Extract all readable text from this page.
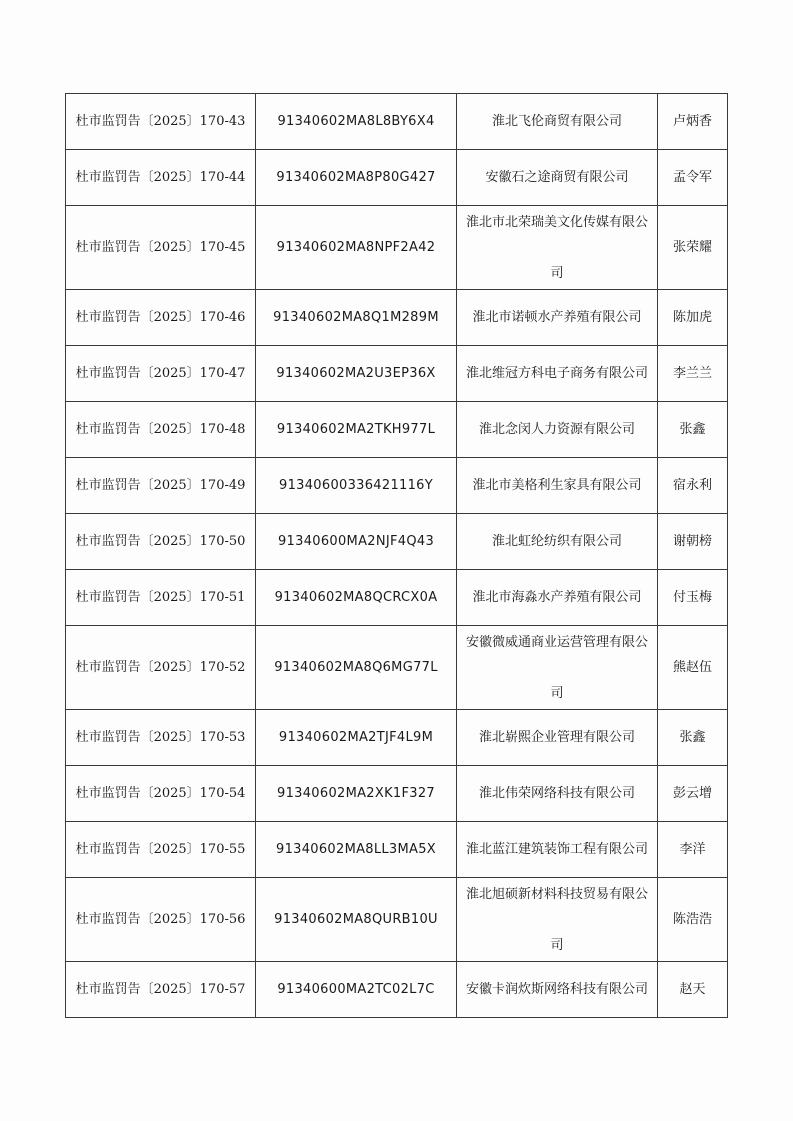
杜市监罚告〔2025〕170-43	91340602MA8L8BY6X4	淮北飞伦商贸有限公司	卢炳香
杜市监罚告〔2025〕170-44	91340602MA8P80G427	安徽石之途商贸有限公司	孟令军
杜市监罚告〔2025〕170-45	91340602MA8NPF2A42	淮北市北荣瑞美文化传媒有限公
司	张荣耀
杜市监罚告〔2025〕170-46	91340602MA8Q1M289M	淮北市诺顿水产养殖有限公司	陈加虎
杜市监罚告〔2025〕170-47	91340602MA2U3EP36X	淮北维冠方科电子商务有限公司	李兰兰
杜市监罚告〔2025〕170-48	91340602MA2TKH977L	淮北念闵人力资源有限公司	张鑫
杜市监罚告〔2025〕170-49	91340600336421116Y	淮北市美格利生家具有限公司	宿永利
杜市监罚告〔2025〕170-50	91340600MA2NJF4Q43	淮北虹纶纺织有限公司	谢朝榜
杜市监罚告〔2025〕170-51	91340602MA8QCRCX0A	淮北市海淼水产养殖有限公司	付玉梅
杜市监罚告〔2025〕170-52	91340602MA8Q6MG77L	安徽微威通商业运营管理有限公
司	熊赵伍
杜市监罚告〔2025〕170-53	91340602MA2TJF4L9M	淮北崭熙企业管理有限公司	张鑫
杜市监罚告〔2025〕170-54	91340602MA2XK1F327	淮北伟荣网络科技有限公司	彭云增
杜市监罚告〔2025〕170-55	91340602MA8LL3MA5X	淮北蓝江建筑装饰工程有限公司	李洋
杜市监罚告〔2025〕170-56	91340602MA8QURB10U	淮北旭硕新材料科技贸易有限公
司	陈浩浩
杜市监罚告〔2025〕170-57	91340600MA2TC02L7C	安徽卡润炊斯网络科技有限公司	赵天
